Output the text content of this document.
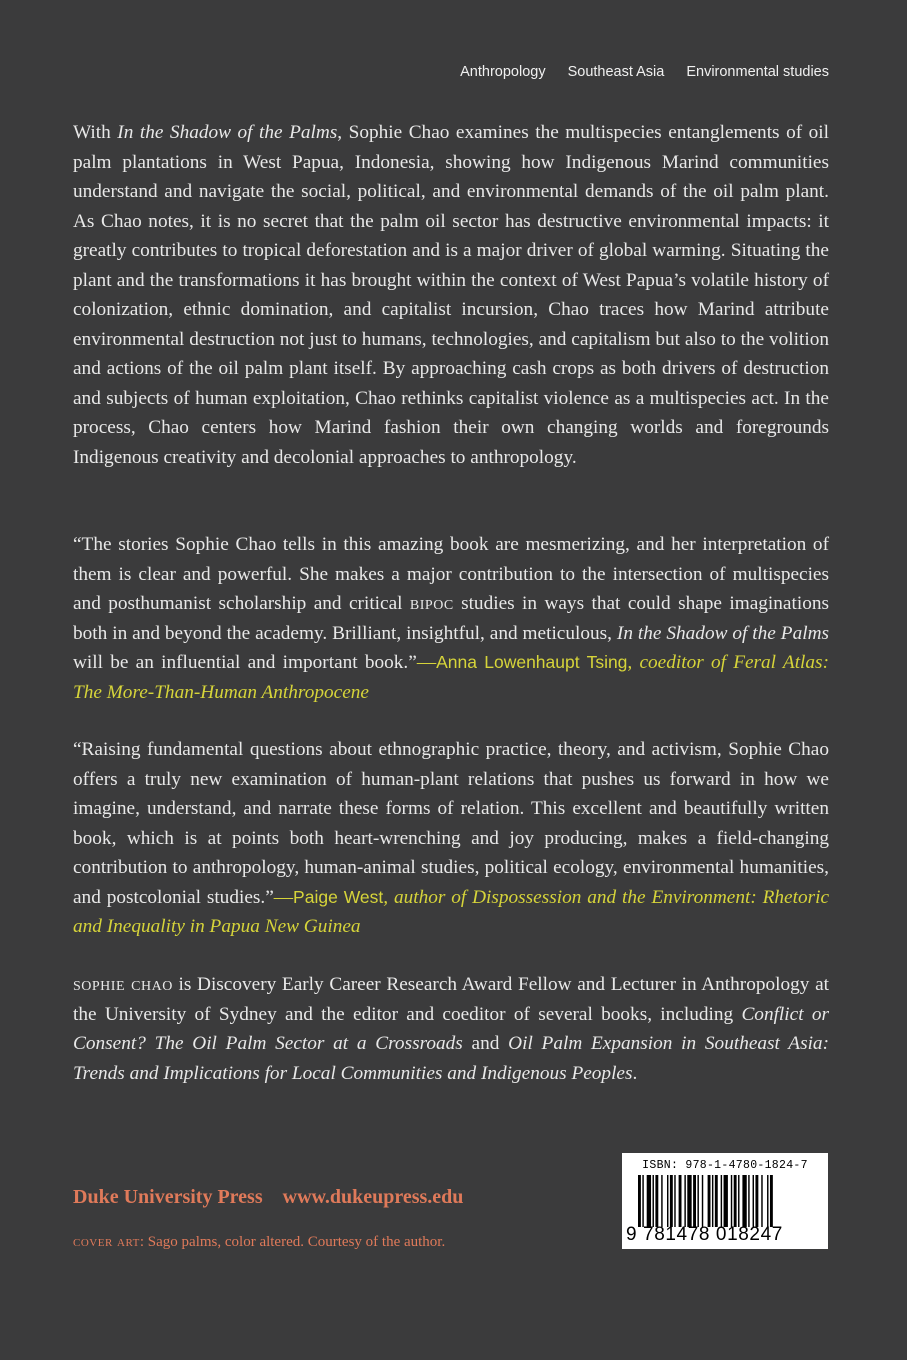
Anthropology Southeast Asia Environmental studies
With In the Shadow of the Palms, Sophie Chao examines the multispecies entanglements of oil palm plantations in West Papua, Indonesia, showing how Indigenous Marind communities understand and navigate the social, political, and environmental demands of the oil palm plant. As Chao notes, it is no secret that the palm oil sector has destructive environmental impacts: it greatly contributes to tropical deforestation and is a major driver of global warming. Situating the plant and the transformations it has brought within the context of West Papua’s volatile history of colonization, ethnic domination, and capitalist incursion, Chao traces how Marind attribute environmental destruction not just to humans, technologies, and capitalism but also to the volition and actions of the oil palm plant itself. By approaching cash crops as both drivers of destruction and subjects of human exploitation, Chao rethinks capitalist violence as a multispecies act. In the process, Chao centers how Marind fashion their own changing worlds and foregrounds Indigenous creativity and decolonial approaches to anthropology.
“The stories Sophie Chao tells in this amazing book are mesmerizing, and her interpretation of them is clear and powerful. She makes a major contribution to the intersection of multispecies and posthumanist scholarship and critical bipoc studies in ways that could shape imaginations both in and beyond the academy. Brilliant, insightful, and meticulous, In the Shadow of the Palms will be an influential and important book.”—Anna Lowenhaupt Tsing, coeditor of Feral Atlas: The More-Than-Human Anthropocene
“Raising fundamental questions about ethnographic practice, theory, and activism, Sophie Chao offers a truly new examination of human-plant relations that pushes us forward in how we imagine, understand, and narrate these forms of relation. This excellent and beautifully written book, which is at points both heart-wrenching and joy producing, makes a field-changing contribution to anthropology, human-animal studies, political ecology, environmental humanities, and postcolonial studies.”—Paige West, author of Dispossession and the Environment: Rhetoric and Inequality in Papua New Guinea
sophie chao is Discovery Early Career Research Award Fellow and Lecturer in Anthropology at the University of Sydney and the editor and coeditor of several books, including Conflict or Consent? The Oil Palm Sector at a Crossroads and Oil Palm Expansion in Southeast Asia: Trends and Implications for Local Communities and Indigenous Peoples.
Duke University Press www.dukeupress.edu
cover art: Sago palms, color altered. Courtesy of the author.
ISBN: 978-1-4780-1824-7
9 781478 018247
